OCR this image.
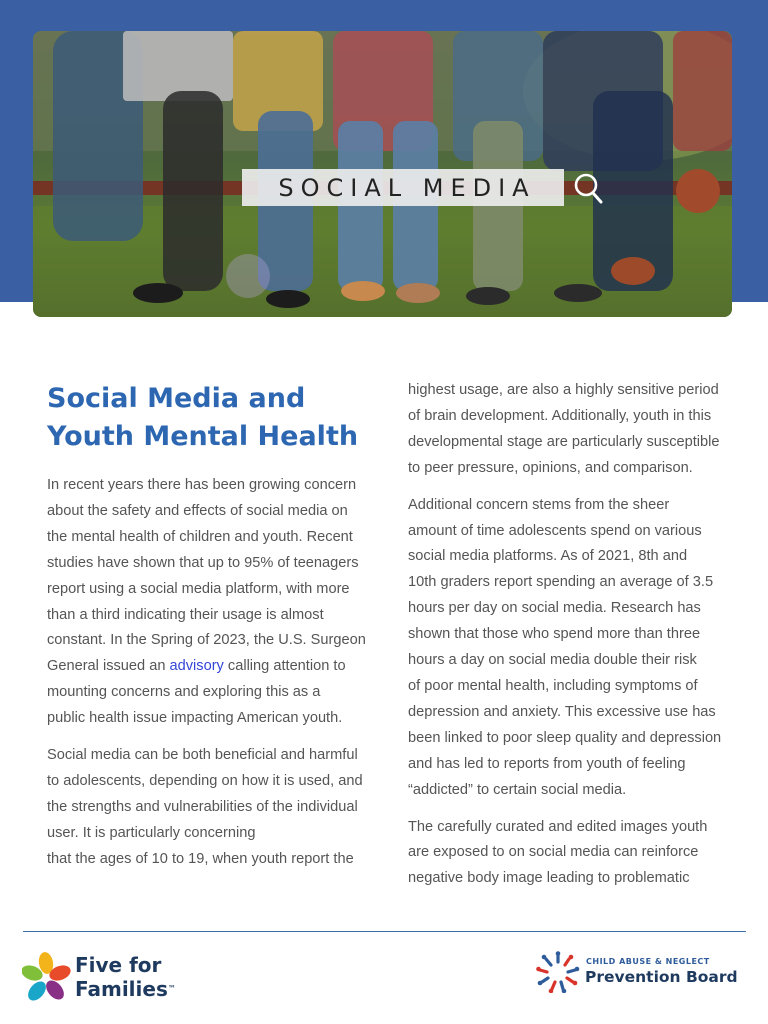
SOCIAL MEDIA
Social Media and Youth Mental Health

In recent years there has been growing concern
about the safety and effects of social media on
the mental health of children and youth. Recent
studies have shown that up to 95% of teenagers
report using a social media platform, with more
than a third indicating their usage is almost
constant. In the Spring of 2023, the U.S. Surgeon
General issued an advisory calling attention to
mounting concerns and exploring this as a
public health issue impacting American youth.

Social media can be both beneficial and harmful
to adolescents, depending on how it is used, and
the strengths and vulnerabilities of the individual
user. It is particularly concerning
that the ages of 10 to 19, when youth report the

highest usage, are also a highly sensitive period
of brain development. Additionally, youth in this
developmental stage are particularly susceptible
to peer pressure, opinions, and comparison.

Additional concern stems from the sheer
amount of time adolescents spend on various
social media platforms. As of 2021, 8th and
10th graders report spending an average of 3.5
hours per day on social media. Research has
shown that those who spend more than three
hours a day on social media double their risk
of poor mental health, including symptoms of
depression and anxiety. This excessive use has
been linked to poor sleep quality and depression
and has led to reports from youth of feeling
“addicted” to certain social media.

The carefully curated and edited images youth
are exposed to on social media can reinforce
negative body image leading to problematic

Five for
Families™
CHILD ABUSE & NEGLECT
Prevention Board
